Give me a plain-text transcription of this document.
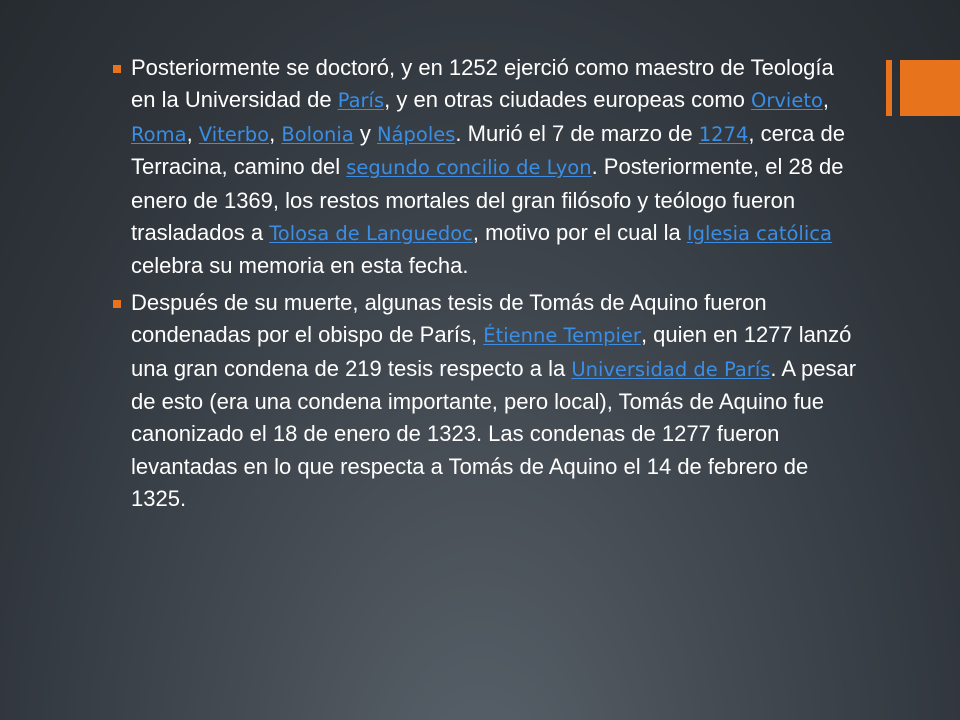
Posteriormente se doctoró, y en 1252 ejerció como maestro de Teología en la Universidad de París, y en otras ciudades europeas como Orvieto, Roma, Viterbo, Bolonia y Nápoles. Murió el 7 de marzo de 1274, cerca de Terracina, camino del segundo concilio de Lyon. Posteriormente, el 28 de enero de 1369, los restos mortales del gran filósofo y teólogo fueron trasladados a Tolosa de Languedoc, motivo por el cual la Iglesia católica celebra su memoria en esta fecha.
Después de su muerte, algunas tesis de Tomás de Aquino fueron condenadas por el obispo de París, Étienne Tempier, quien en 1277 lanzó una gran condena de 219 tesis respecto a la Universidad de París. A pesar de esto (era una condena importante, pero local), Tomás de Aquino fue canonizado el 18 de enero de 1323. Las condenas de 1277 fueron levantadas en lo que respecta a Tomás de Aquino el 14 de febrero de 1325.
